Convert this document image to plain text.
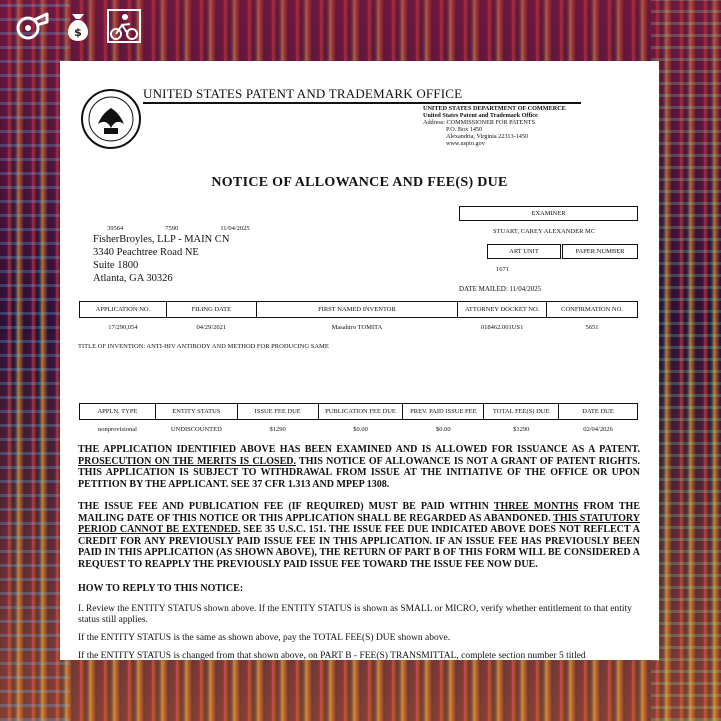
$
UNITED STATES PATENT AND TRADEMARK OFFICE
UNITED STATES DEPARTMENT OF COMMERCE
United States Patent and Trademark Office
Address: COMMISSIONER FOR PATENTS
P.O. Box 1450
Alexandria, Virginia 22313-1450
www.uspto.gov
NOTICE OF ALLOWANCE AND FEE(S) DUE
39564	7590	11/04/2025
FisherBroyles, LLP - MAIN CN
3340 Peachtree Road NE
Suite 1800
Atlanta, GA 30326
EXAMINER
STUART, CAREY ALEXANDER MC
ART UNIT	PAPER NUMBER
1671
DATE MAILED: 11/04/2025
APPLICATION NO.	FILING DATE	FIRST NAMED INVENTOR	ATTORNEY DOCKET NO.	CONFIRMATION NO.
17/290,054	04/29/2021	Masahiro TOMITA	018462.001US1	5651
TITLE OF INVENTION: ANTI-HIV ANTIBODY AND METHOD FOR PRODUCING SAME
APPLN. TYPE	ENTITY STATUS	ISSUE FEE DUE	PUBLICATION FEE DUE	PREV. PAID ISSUE FEE	TOTAL FEE(S) DUE	DATE DUE
nonprovisional	UNDISCOUNTED	$1290	$0.00	$0.00	$1290	02/04/2026
THE APPLICATION IDENTIFIED ABOVE HAS BEEN EXAMINED AND IS ALLOWED FOR ISSUANCE AS A PATENT. PROSECUTION ON THE MERITS IS CLOSED. THIS NOTICE OF ALLOWANCE IS NOT A GRANT OF PATENT RIGHTS. THIS APPLICATION IS SUBJECT TO WITHDRAWAL FROM ISSUE AT THE INITIATIVE OF THE OFFICE OR UPON PETITION BY THE APPLICANT. SEE 37 CFR 1.313 AND MPEP 1308.
THE ISSUE FEE AND PUBLICATION FEE (IF REQUIRED) MUST BE PAID WITHIN THREE MONTHS FROM THE MAILING DATE OF THIS NOTICE OR THIS APPLICATION SHALL BE REGARDED AS ABANDONED. THIS STATUTORY PERIOD CANNOT BE EXTENDED. SEE 35 U.S.C. 151. THE ISSUE FEE DUE INDICATED ABOVE DOES NOT REFLECT A CREDIT FOR ANY PREVIOUSLY PAID ISSUE FEE IN THIS APPLICATION. IF AN ISSUE FEE HAS PREVIOUSLY BEEN PAID IN THIS APPLICATION (AS SHOWN ABOVE), THE RETURN OF PART B OF THIS FORM WILL BE CONSIDERED A REQUEST TO REAPPLY THE PREVIOUSLY PAID ISSUE FEE TOWARD THE ISSUE FEE NOW DUE.
HOW TO REPLY TO THIS NOTICE:
I. Review the ENTITY STATUS shown above. If the ENTITY STATUS is shown as SMALL or MICRO, verify whether entitlement to that entity status still applies.
If the ENTITY STATUS is the same as shown above, pay the TOTAL FEE(S) DUE shown above.
If the ENTITY STATUS is changed from that shown above, on PART B - FEE(S) TRANSMITTAL, complete section number 5 titled
